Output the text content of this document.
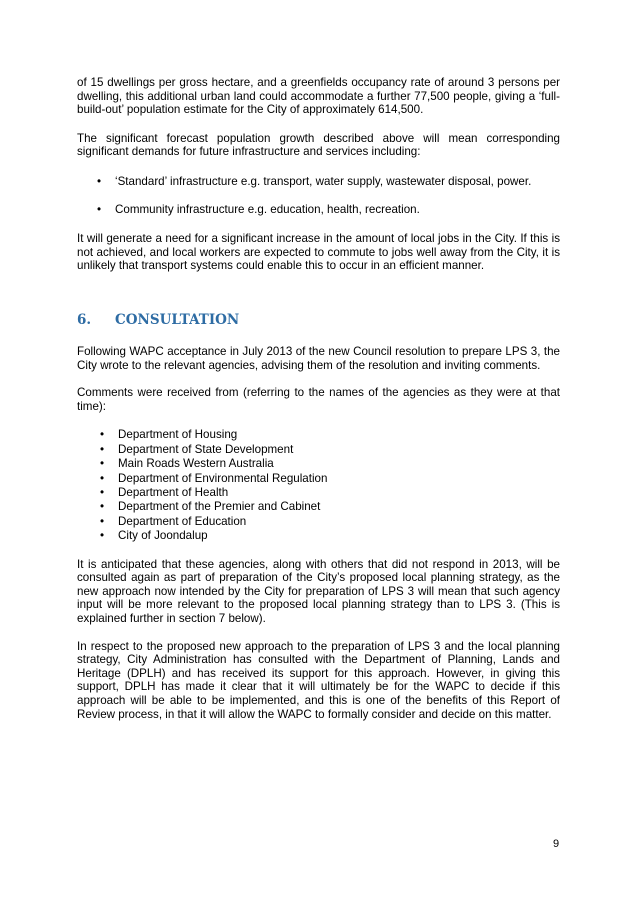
of 15 dwellings per gross hectare, and a greenfields occupancy rate of around 3 persons per dwelling, this additional urban land could accommodate a further 77,500 people, giving a ‘full-build-out’ population estimate for the City of approximately 614,500.

The significant forecast population growth described above will mean corresponding significant demands for future infrastructure and services including:

• ‘Standard’ infrastructure e.g. transport, water supply, wastewater disposal, power.
• Community infrastructure e.g. education, health, recreation.

It will generate a need for a significant increase in the amount of local jobs in the City. If this is not achieved, and local workers are expected to commute to jobs well away from the City, it is unlikely that transport systems could enable this to occur in an efficient manner.

6.	CONSULTATION

Following WAPC acceptance in July 2013 of the new Council resolution to prepare LPS 3, the City wrote to the relevant agencies, advising them of the resolution and inviting comments.

Comments were received from (referring to the names of the agencies as they were at that time):

• Department of Housing
• Department of State Development
• Main Roads Western Australia
• Department of Environmental Regulation
• Department of Health
• Department of the Premier and Cabinet
• Department of Education
• City of Joondalup

It is anticipated that these agencies, along with others that did not respond in 2013, will be consulted again as part of preparation of the City’s proposed local planning strategy, as the new approach now intended by the City for preparation of LPS 3 will mean that such agency input will be more relevant to the proposed local planning strategy than to LPS 3. (This is explained further in section 7 below).

In respect to the proposed new approach to the preparation of LPS 3 and the local planning strategy, City Administration has consulted with the Department of Planning, Lands and Heritage (DPLH) and has received its support for this approach. However, in giving this support, DPLH has made it clear that it will ultimately be for the WAPC to decide if this approach will be able to be implemented, and this is one of the benefits of this Report of Review process, in that it will allow the WAPC to formally consider and decide on this matter.

9
